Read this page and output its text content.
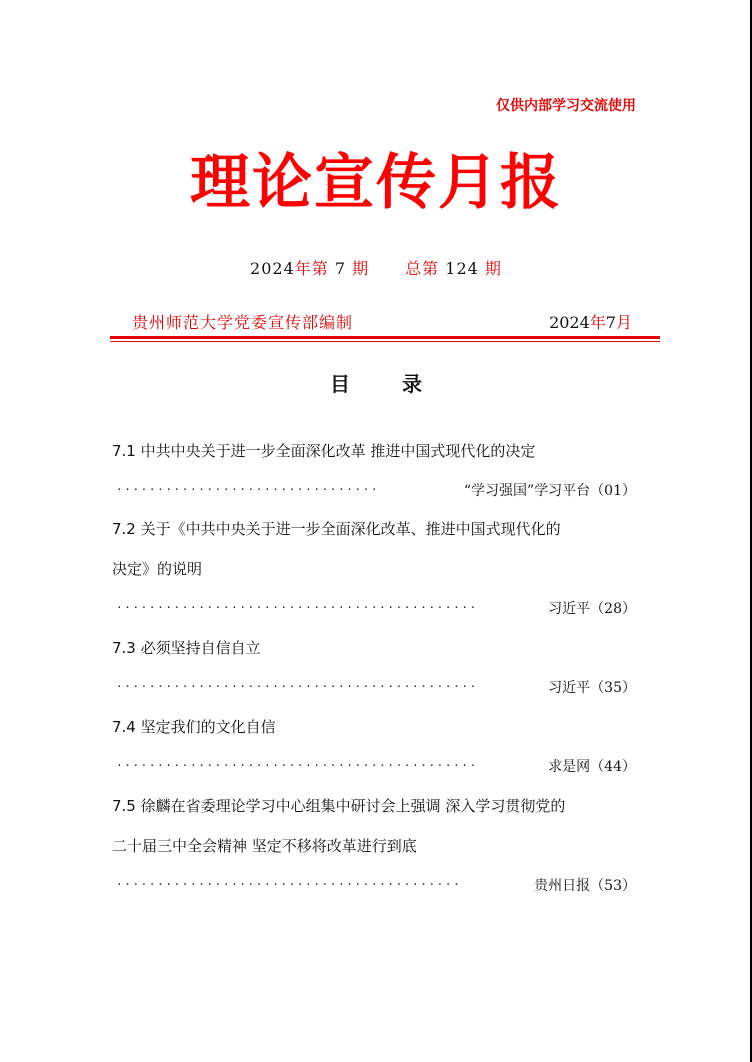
仅供内部学习交流使用
理论宣传月报
2024年第 7 期 总第 124 期
贵州师范大学党委宣传部编制	2024年7月
目	录
7.1 中共中央关于进一步全面深化改革 推进中国式现代化的决定
................................	“学习强国”学习平台（01）
7.2 关于《中共中央关于进一步全面深化改革、推进中国式现代化的
决定》的说明
............................................	习近平（28）
7.3 必须坚持自信自立
............................................	习近平（35）
7.4 坚定我们的文化自信
............................................	求是网（44）
7.5 徐麟在省委理论学习中心组集中研讨会上强调 深入学习贯彻党的
二十届三中全会精神 坚定不移将改革进行到底
..........................................	贵州日报（53）
